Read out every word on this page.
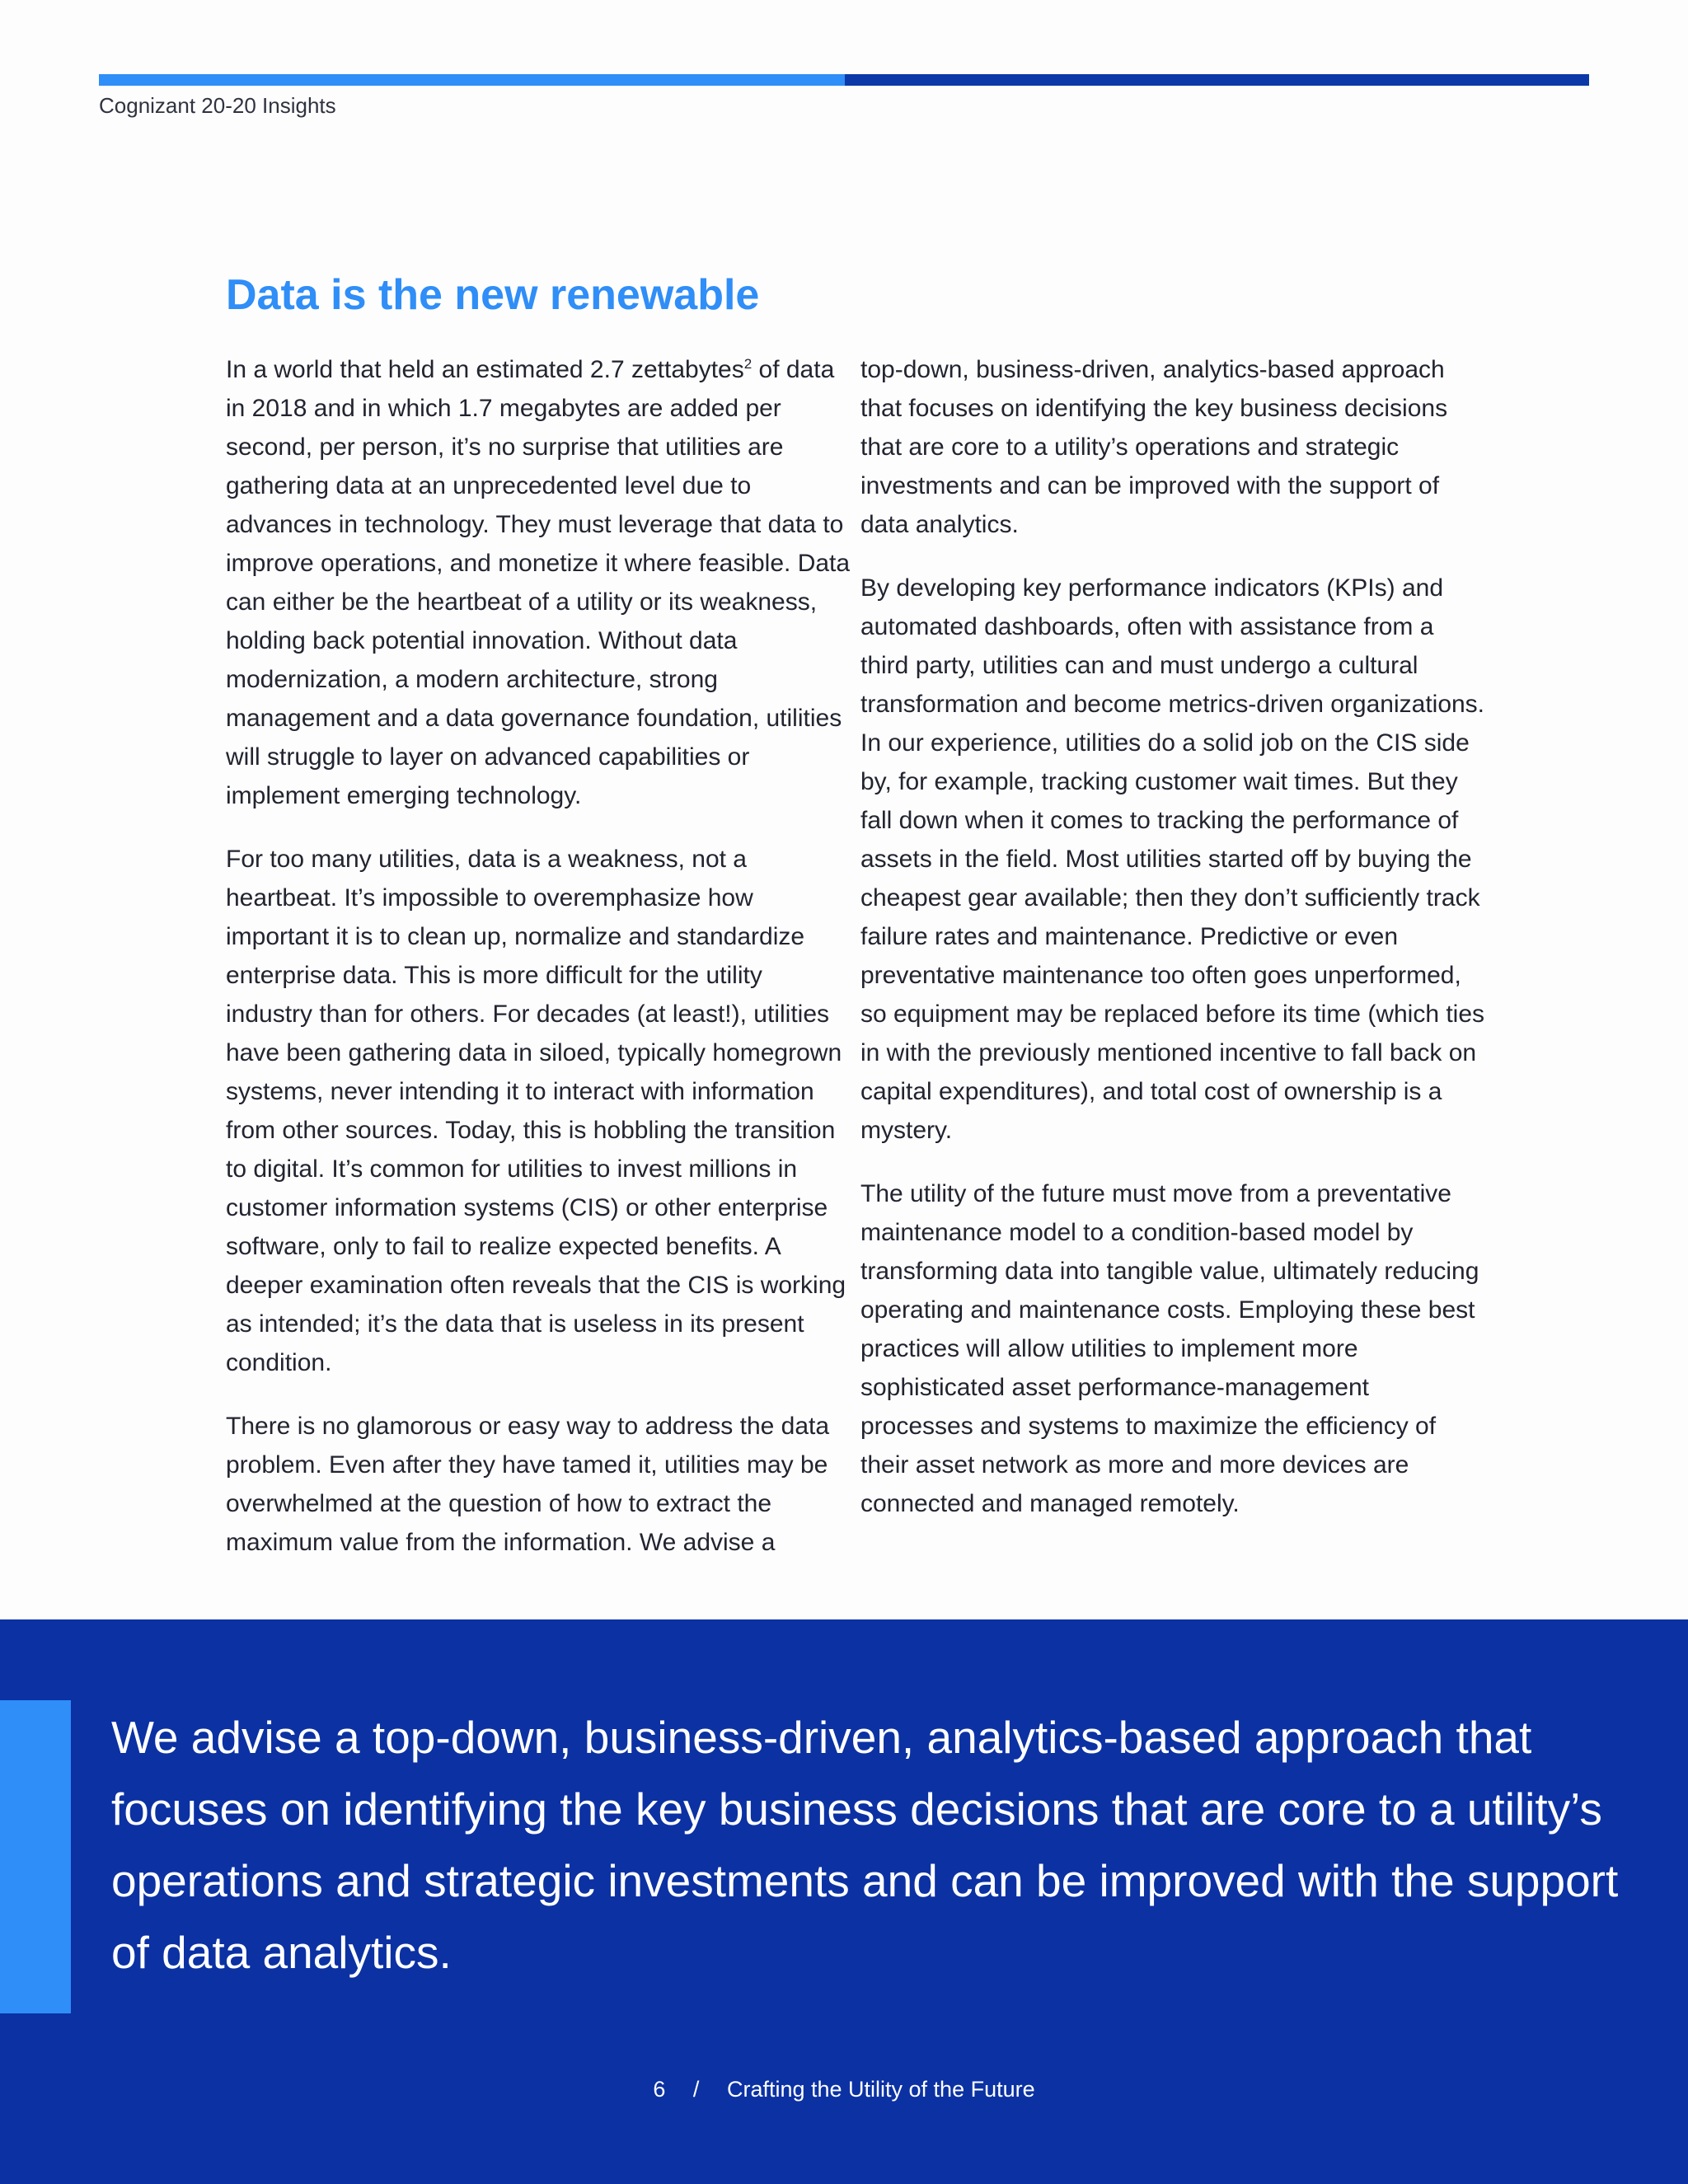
Cognizant 20-20 Insights
Data is the new renewable

In a world that held an estimated 2.7 zettabytes$^2$ of data in 2018 and in which 1.7 megabytes are added per second, per person, it’s no surprise that utilities are gathering data at an unprecedented level due to advances in technology. They must leverage that data to improve operations, and monetize it where feasible. Data can either be the heartbeat of a utility or its weakness, holding back potential innovation. Without data modernization, a modern architecture, strong management and a data governance foundation, utilities will struggle to layer on advanced capabilities or implement emerging technology.

For too many utilities, data is a weakness, not a heartbeat. It’s impossible to overemphasize how important it is to clean up, normalize and standardize enterprise data. This is more difficult for the utility industry than for others. For decades (at least!), utilities have been gathering data in siloed, typically homegrown systems, never intending it to interact with information from other sources. Today, this is hobbling the transition to digital. It’s common for utilities to invest millions in customer information systems (CIS) or other enterprise software, only to fail to realize expected benefits. A deeper examination often reveals that the CIS is working as intended; it’s the data that is useless in its present condition.

There is no glamorous or easy way to address the data problem. Even after they have tamed it, utilities may be overwhelmed at the question of how to extract the maximum value from the information. We advise a

top-down, business-driven, analytics-based approach that focuses on identifying the key business decisions that are core to a utility’s operations and strategic investments and can be improved with the support of data analytics.

By developing key performance indicators (KPIs) and automated dashboards, often with assistance from a third party, utilities can and must undergo a cultural transformation and become metrics-driven organizations. In our experience, utilities do a solid job on the CIS side by, for example, tracking customer wait times. But they fall down when it comes to tracking the performance of assets in the field. Most utilities started off by buying the cheapest gear available; then they don’t sufficiently track failure rates and maintenance. Predictive or even preventative maintenance too often goes unperformed, so equipment may be replaced before its time (which ties in with the previously mentioned incentive to fall back on capital expenditures), and total cost of ownership is a mystery.

The utility of the future must move from a preventative maintenance model to a condition-based model by transforming data into tangible value, ultimately reducing operating and maintenance costs. Employing these best practices will allow utilities to implement more sophisticated asset performance-management processes and systems to maximize the efficiency of their asset network as more and more devices are connected and managed remotely.

We advise a top-down, business-driven, analytics-based approach that focuses on identifying the key business decisions that are core to a utility’s operations and strategic investments and can be improved with the support of data analytics.

6 / Crafting the Utility of the Future
